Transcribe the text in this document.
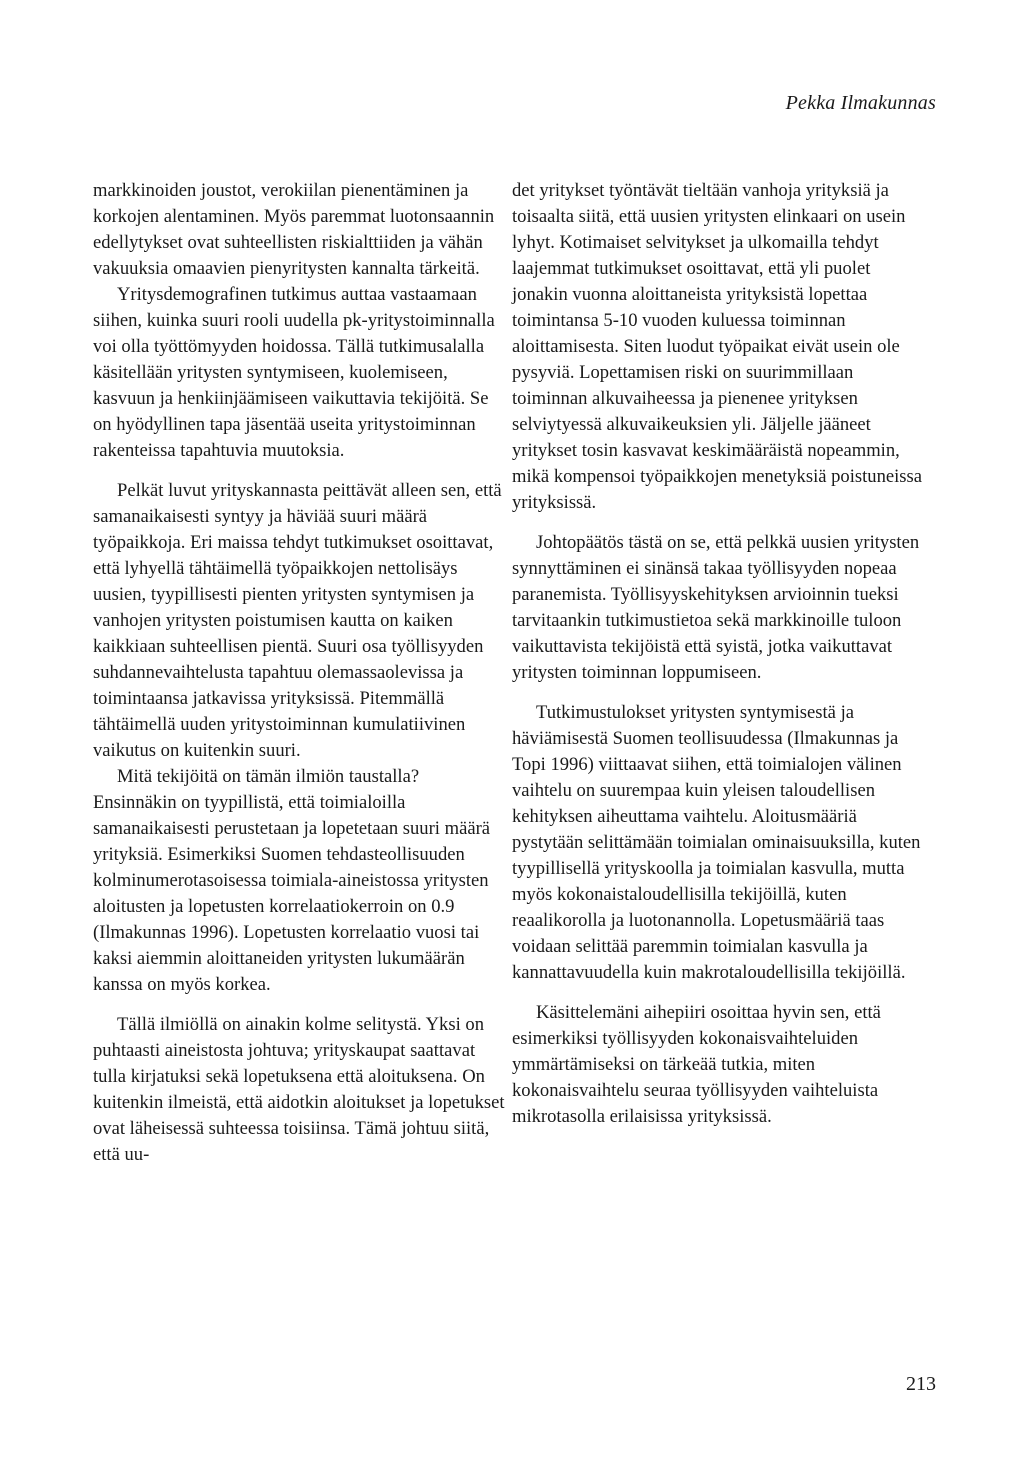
Pekka Ilmakunnas

markkinoiden joustot, verokiilan pienentäminen ja korkojen alentaminen. Myös paremmat luotonsaannin edellytykset ovat suhteellisten riskialttiiden ja vähän vakuuksia omaavien pienyritysten kannalta tärkeitä.

Yritysdemografinen tutkimus auttaa vastaamaan siihen, kuinka suuri rooli uudella pk-yritystoiminnalla voi olla työttömyyden hoidossa. Tällä tutkimusalalla käsitellään yritysten syntymiseen, kuolemiseen, kasvuun ja henkiinjäämiseen vaikuttavia tekijöitä. Se on hyödyllinen tapa jäsentää useita yritystoiminnan rakenteissa tapahtuvia muutoksia.

Pelkät luvut yrityskannasta peittävät alleen sen, että samanaikaisesti syntyy ja häviää suuri määrä työpaikkoja. Eri maissa tehdyt tutkimukset osoittavat, että lyhyellä tähtäimellä työpaikkojen nettolisäys uusien, tyypillisesti pienten yritysten syntymisen ja vanhojen yritysten poistumisen kautta on kaiken kaikkiaan suhteellisen pientä. Suuri osa työllisyyden suhdannevaihtelusta tapahtuu olemassaolevissa ja toimintaansa jatkavissa yrityksissä. Pitemmällä tähtäimellä uuden yritystoiminnan kumulatiivinen vaikutus on kuitenkin suuri.

Mitä tekijöitä on tämän ilmiön taustalla? Ensinnäkin on tyypillistä, että toimialoilla samanaikaisesti perustetaan ja lopetetaan suuri määrä yrityksiä. Esimerkiksi Suomen tehdasteollisuuden kolminumerotasoisessa toimiala-aineistossa yritysten aloitusten ja lopetusten korrelaatiokerroin on 0.9 (Ilmakunnas 1996). Lopetusten korrelaatio vuosi tai kaksi aiemmin aloittaneiden yritysten lukumäärän kanssa on myös korkea.

Tällä ilmiöllä on ainakin kolme selitystä. Yksi on puhtaasti aineistosta johtuva; yrityskaupat saattavat tulla kirjatuksi sekä lopetuksena että aloituksena. On kuitenkin ilmeistä, että aidotkin aloitukset ja lopetukset ovat läheisessä suhteessa toisiinsa. Tämä johtuu siitä, että uu-

det yritykset työntävät tieltään vanhoja yrityksiä ja toisaalta siitä, että uusien yritysten elinkaari on usein lyhyt. Kotimaiset selvitykset ja ulkomailla tehdyt laajemmat tutkimukset osoittavat, että yli puolet jonakin vuonna aloittaneista yrityksistä lopettaa toimintansa 5-10 vuoden kuluessa toiminnan aloittamisesta. Siten luodut työpaikat eivät usein ole pysyviä. Lopettamisen riski on suurimmillaan toiminnan alkuvaiheessa ja pienenee yrityksen selviytyessä alkuvaikeuksien yli. Jäljelle jääneet yritykset tosin kasvavat keskimääräistä nopeammin, mikä kompensoi työpaikkojen menetyksiä poistuneissa yrityksissä.

Johtopäätös tästä on se, että pelkkä uusien yritysten synnyttäminen ei sinänsä takaa työllisyyden nopeaa paranemista. Työllisyyskehityksen arvioinnin tueksi tarvitaankin tutkimustietoa sekä markkinoille tuloon vaikuttavista tekijöistä että syistä, jotka vaikuttavat yritysten toiminnan loppumiseen.

Tutkimustulokset yritysten syntymisestä ja häviämisestä Suomen teollisuudessa (Ilmakunnas ja Topi 1996) viittaavat siihen, että toimialojen välinen vaihtelu on suurempaa kuin yleisen taloudellisen kehityksen aiheuttama vaihtelu. Aloitusmääriä pystytään selittämään toimialan ominaisuuksilla, kuten tyypillisellä yrityskoolla ja toimialan kasvulla, mutta myös kokonaistaloudellisilla tekijöillä, kuten reaalikorolla ja luotonannolla. Lopetusmääriä taas voidaan selittää paremmin toimialan kasvulla ja kannattavuudella kuin makrotaloudellisilla tekijöillä.

Käsittelemäni aihepiiri osoittaa hyvin sen, että esimerkiksi työllisyyden kokonaisvaihteluiden ymmärtämiseksi on tärkeää tutkia, miten kokonaisvaihtelu seuraa työllisyyden vaihteluista mikrotasolla erilaisissa yrityksissä.

213
